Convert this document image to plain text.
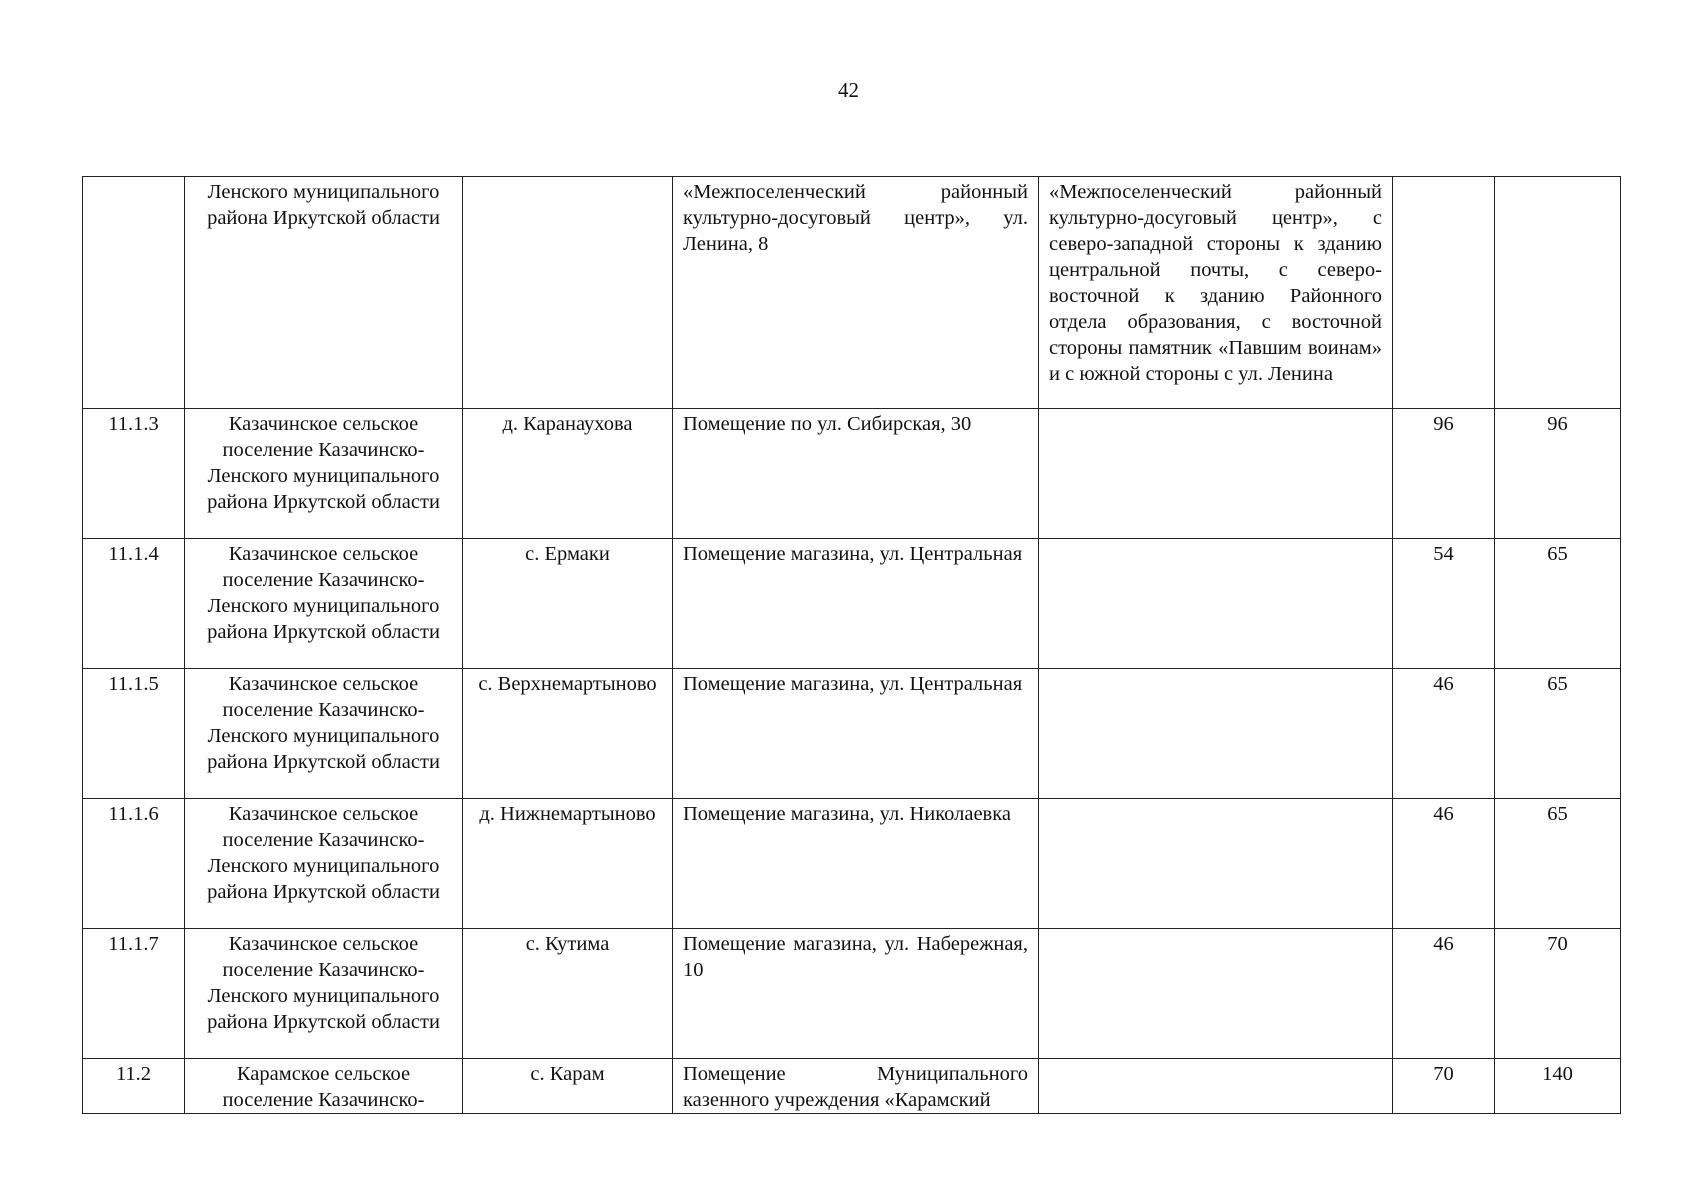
42
	Ленского муниципального района Иркутской области		«Межпоселенческий районный культурно-досуговый центр», ул. Ленина, 8	«Межпоселенческий районный культурно-досуговый центр», с северо-западной стороны к зданию центральной почты, с северо-восточной к зданию Районного отдела образования, с восточной стороны памятник «Павшим воинам» и с южной стороны с ул. Ленина		
11.1.3	Казачинское сельское поселение Казачинско-Ленского муниципального района Иркутской области	д. Каранаухова	Помещение по ул. Сибирская, 30		96	96
11.1.4	Казачинское сельское поселение Казачинско-Ленского муниципального района Иркутской области	с. Ермаки	Помещение магазина, ул. Центральная		54	65
11.1.5	Казачинское сельское поселение Казачинско-Ленского муниципального района Иркутской области	с. Верхнемартыново	Помещение магазина, ул. Центральная		46	65
11.1.6	Казачинское сельское поселение Казачинско-Ленского муниципального района Иркутской области	д. Нижнемартыново	Помещение магазина, ул. Николаевка		46	65
11.1.7	Казачинское сельское поселение Казачинско-Ленского муниципального района Иркутской области	с. Кутима	Помещение магазина, ул. Набережная, 10		46	70
11.2	Карамское сельское поселение Казачинско-	с. Карам	Помещение Муниципального казенного учреждения «Карамский		70	140
